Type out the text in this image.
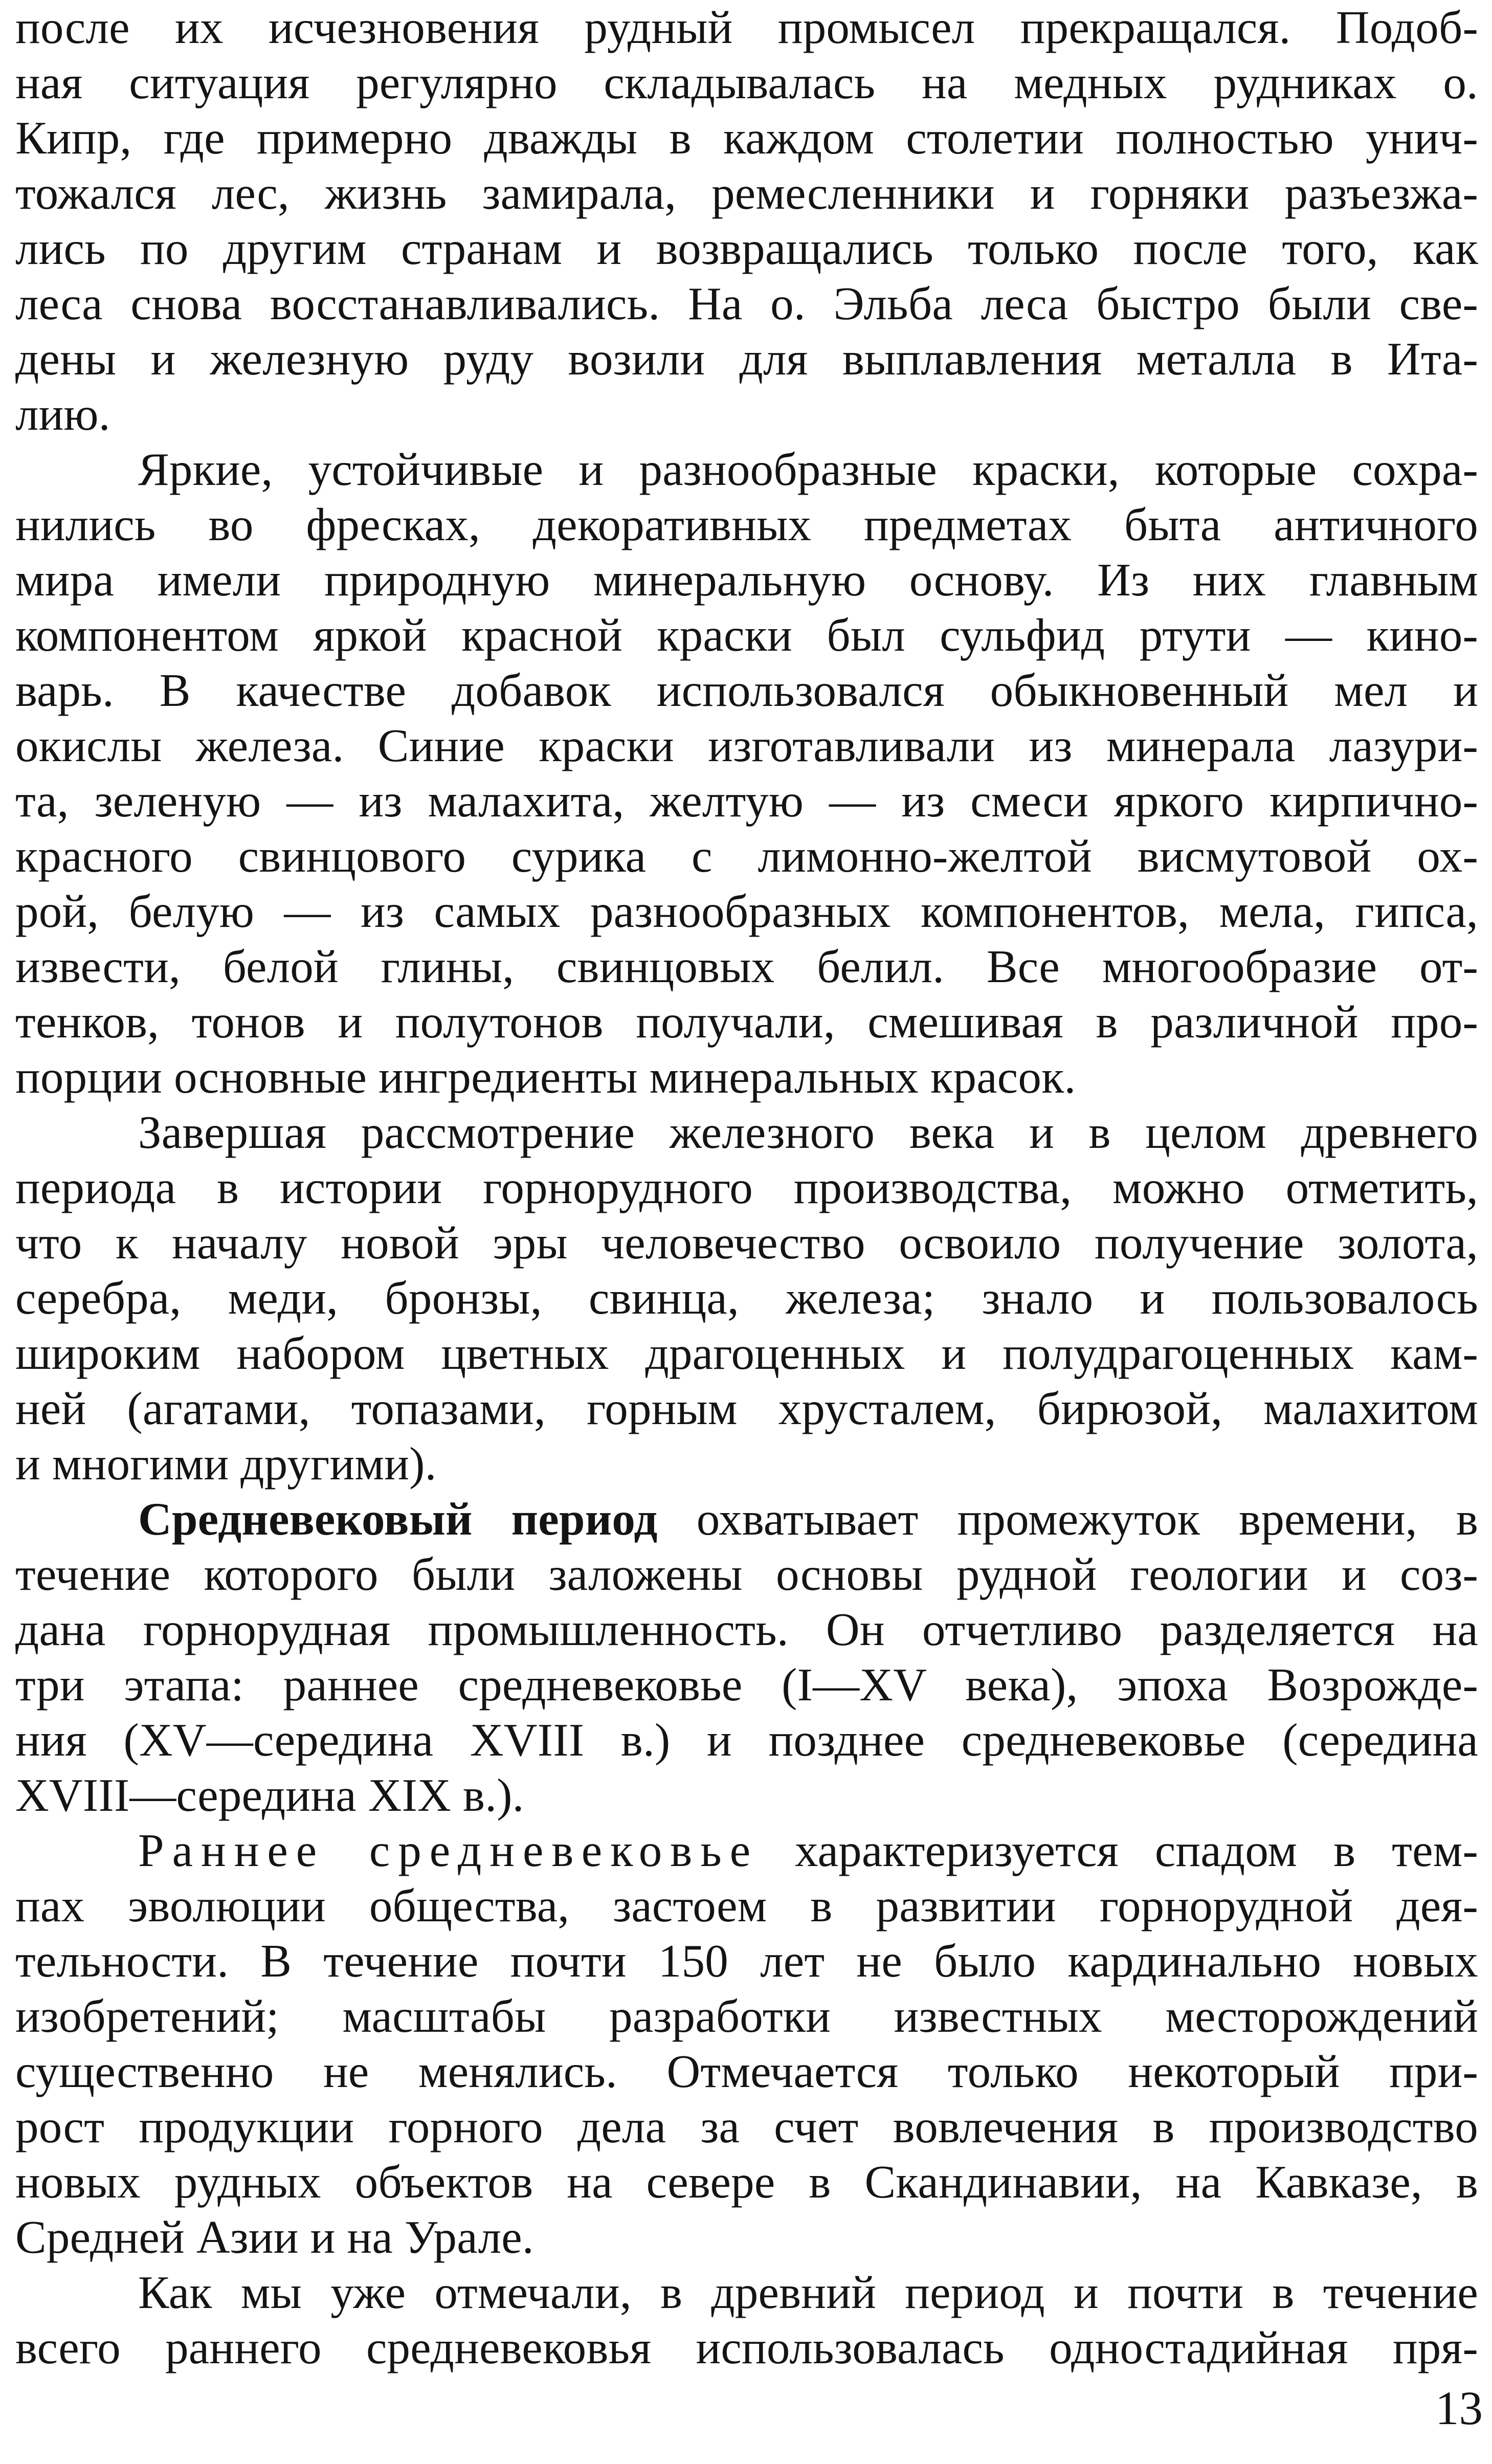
после их исчезновения рудный промысел прекращался. Подоб-
ная ситуация регулярно складывалась на медных рудниках о.
Кипр, где примерно дважды в каждом столетии полностью унич-
тожался лес, жизнь замирала, ремесленники и горняки разъезжа-
лись по другим странам и возвращались только после того, как
леса снова восстанавливались. На о. Эльба леса быстро были све-
дены и железную руду возили для выплавления металла в Ита-
лию.
Яркие, устойчивые и разнообразные краски, которые сохра-
нились во фресках, декоративных предметах быта античного
мира имели природную минеральную основу. Из них главным
компонентом яркой красной краски был сульфид ртути — кино-
варь. В качестве добавок использовался обыкновенный мел и
окислы железа. Синие краски изготавливали из минерала лазури-
та, зеленую — из малахита, желтую — из смеси яркого кирпично-
красного свинцового сурика с лимонно-желтой висмутовой ох-
рой, белую — из самых разнообразных компонентов, мела, гипса,
извести, белой глины, свинцовых белил. Все многообразие от-
тенков, тонов и полутонов получали, смешивая в различной про-
порции основные ингредиенты минеральных красок.
Завершая рассмотрение железного века и в целом древнего
периода в истории горнорудного производства, можно отметить,
что к началу новой эры человечество освоило получение золота,
серебра, меди, бронзы, свинца, железа; знало и пользовалось
широким набором цветных драгоценных и полудрагоценных кам-
ней (агатами, топазами, горным хрусталем, бирюзой, малахитом
и многими другими).
Средневековый период охватывает промежуток времени, в
течение которого были заложены основы рудной геологии и соз-
дана горнорудная промышленность. Он отчетливо разделяется на
три этапа: раннее средневековье (I—XV века), эпоха Возрожде-
ния (XV—середина XVIII в.) и позднее средневековье (середина
XVIII—середина XIX в.).
Раннее средневековье характеризуется спадом в тем-
пах эволюции общества, застоем в развитии горнорудной дея-
тельности. В течение почти 150 лет не было кардинально новых
изобретений; масштабы разработки известных месторождений
существенно не менялись. Отмечается только некоторый при-
рост продукции горного дела за счет вовлечения в производство
новых рудных объектов на севере в Скандинавии, на Кавказе, в
Средней Азии и на Урале.
Как мы уже отмечали, в древний период и почти в течение
всего раннего средневековья использовалась одностадийная пря-
13
